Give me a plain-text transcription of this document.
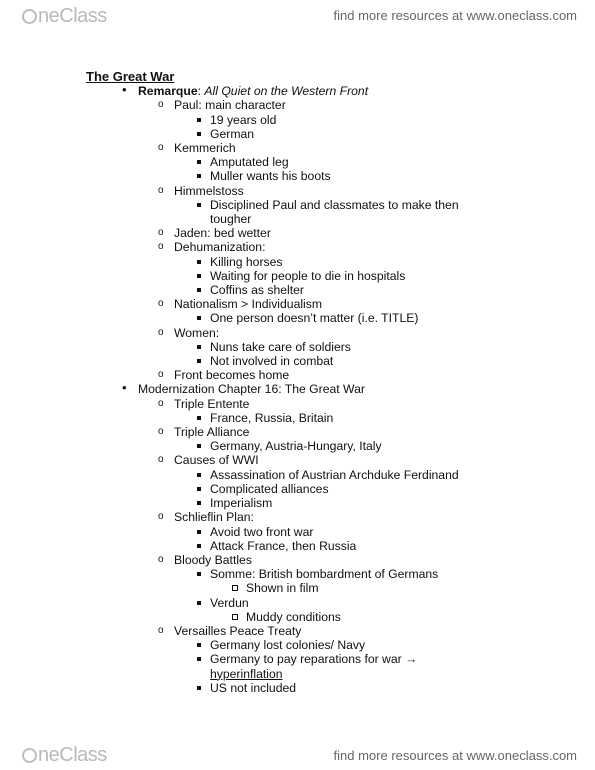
neClass	find more resources at www.oneclass.com
The Great War
• Remarque: All Quiet on the Western Front
o Paul: main character
19 years old
German
o Kemmerich
Amputated leg
Muller wants his boots
o Himmelstoss
Disciplined Paul and classmates to make then
tougher
o Jaden: bed wetter
o Dehumanization:
Killing horses
Waiting for people to die in hospitals
Coffins as shelter
o Nationalism > Individualism
One person doesn’t matter (i.e. TITLE)
o Women:
Nuns take care of soldiers
Not involved in combat
o Front becomes home
• Modernization Chapter 16: The Great War
o Triple Entente
France, Russia, Britain
o Triple Alliance
Germany, Austria-Hungary, Italy
o Causes of WWI
Assassination of Austrian Archduke Ferdinand
Complicated alliances
Imperialism
o Schlieflin Plan:
Avoid two front war
Attack France, then Russia
o Bloody Battles
Somme: British bombardment of Germans
Shown in film
Verdun
Muddy conditions
o Versailles Peace Treaty
Germany lost colonies/ Navy
Germany to pay reparations for war →
hyperinflation
US not included
neClass	find more resources at www.oneclass.com
